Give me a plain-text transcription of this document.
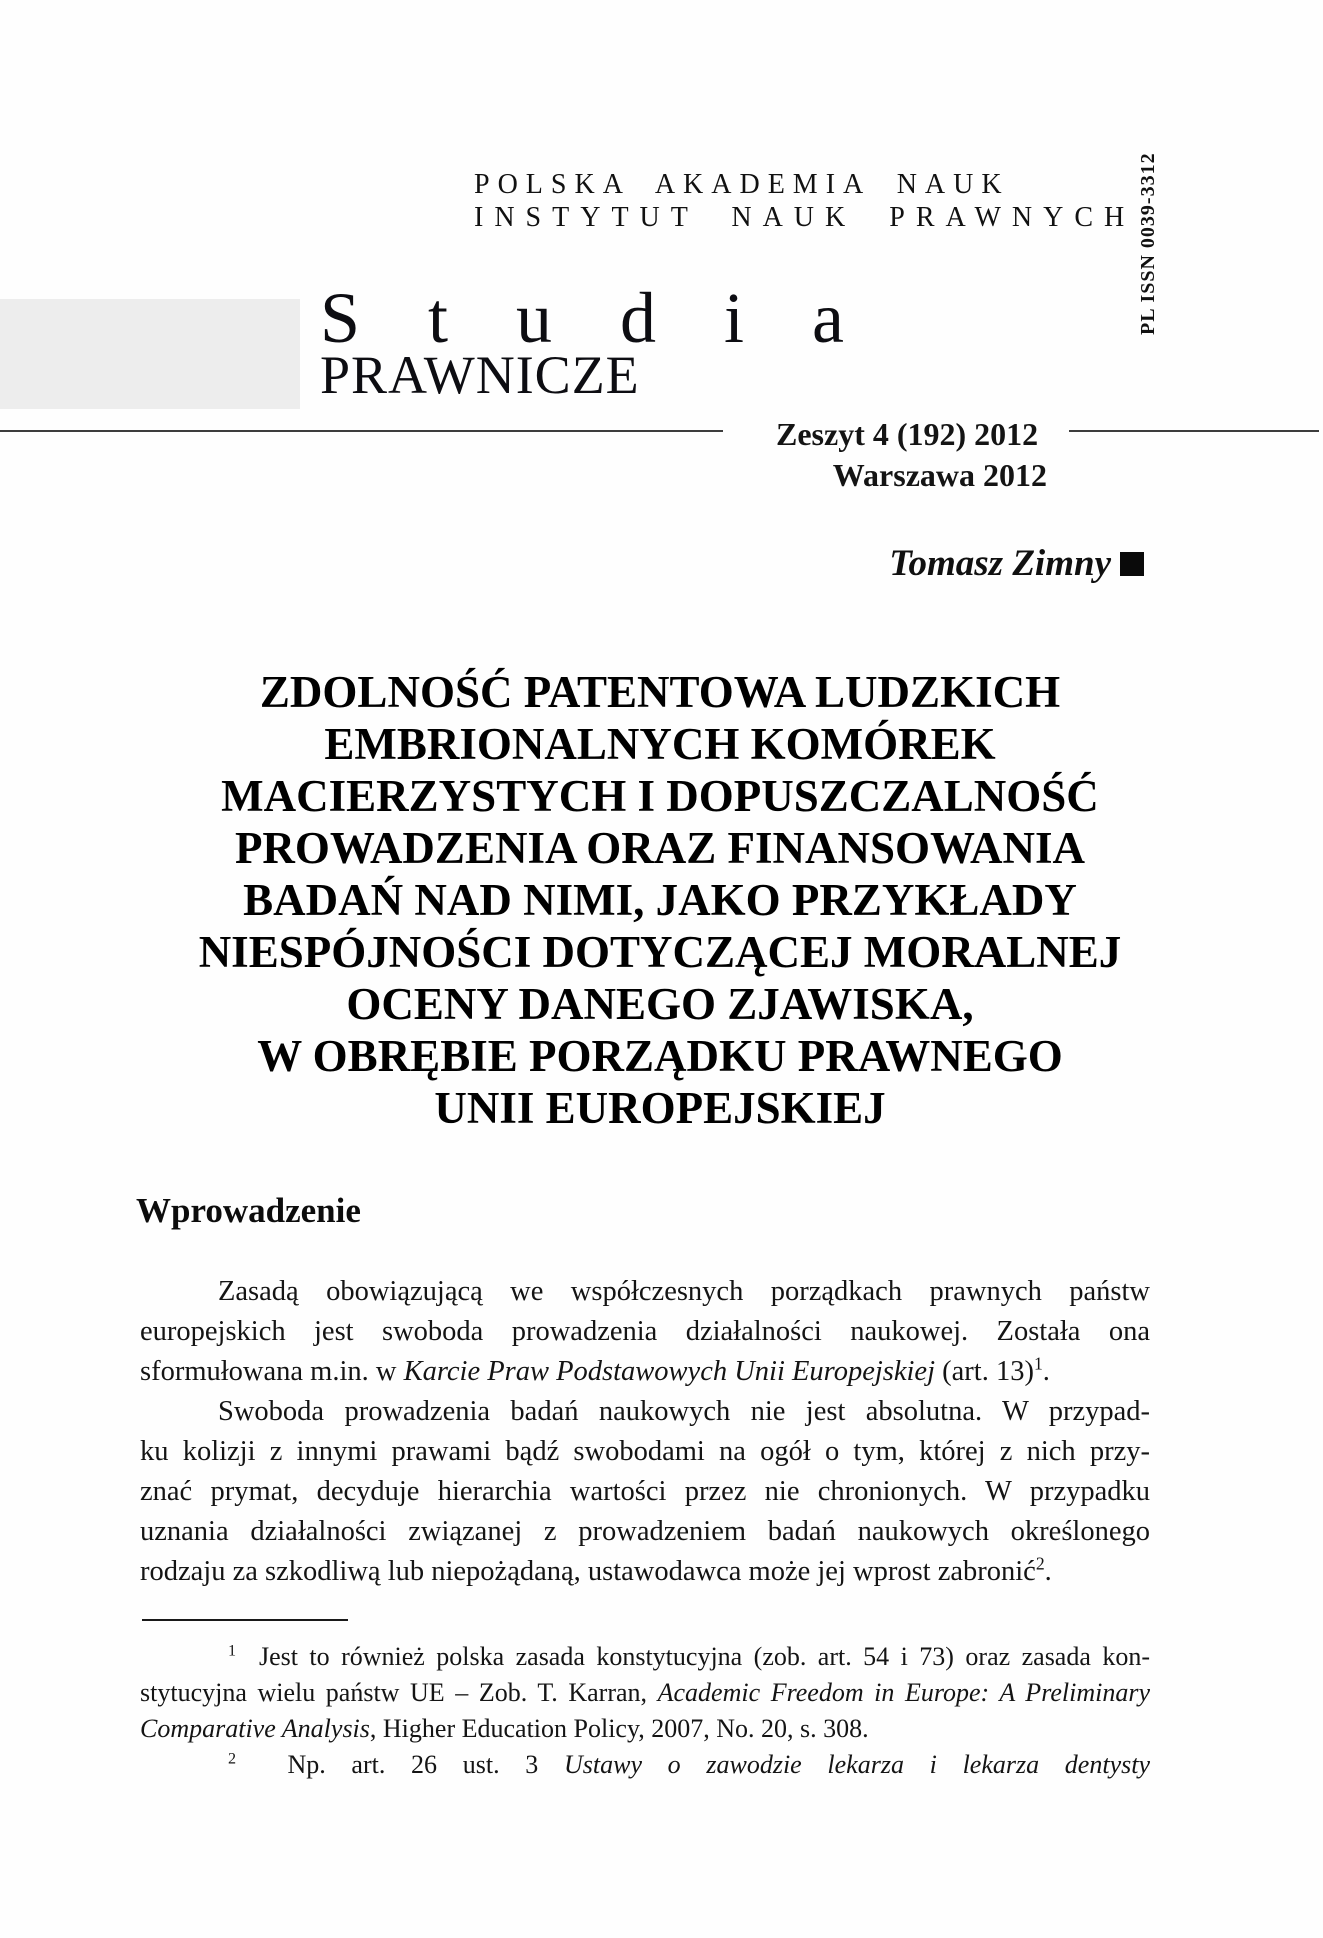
POLSKA AKADEMIA NAUK
INSTYTUT NAUK PRAWNYCH PL ISSN 0039-3312
S t u d i a
PRAWNICZE
Zeszyt 4 (192) 2012
Warszawa 2012
Tomasz Zimny
ZDOLNOŚĆ PATENTOWA LUDZKICH
EMBRIONALNYCH KOMÓREK
MACIERZYSTYCH I DOPUSZCZALNOŚĆ
PROWADZENIA ORAZ FINANSOWANIA
BADAŃ NAD NIMI, JAKO PRZYKŁADY
NIESPÓJNOŚCI DOTYCZĄCEJ MORALNEJ
OCENY DANEGO ZJAWISKA,
W OBRĘBIE PORZĄDKU PRAWNEGO
UNII EUROPEJSKIEJ
Wprowadzenie
Zasadą obowiązującą we współczesnych porządkach prawnych państw
europejskich jest swoboda prowadzenia działalności naukowej. Została ona
sformułowana m.in. w Karcie Praw Podstawowych Unii Europejskiej (art. 13)$^1$.
Swoboda prowadzenia badań naukowych nie jest absolutna. W przypad-
ku kolizji z innymi prawami bądź swobodami na ogół o tym, której z nich przy-
znać prymat, decyduje hierarchia wartości przez nie chronionych. W przypadku
uznania działalności związanej z prowadzeniem badań naukowych określonego
rodzaju za szkodliwą lub niepożądaną, ustawodawca może jej wprost zabronić$^2$.
$^1$  Jest to również polska zasada konstytucyjna (zob. art. 54 i 73) oraz zasada kon-
stytucyjna wielu państw UE – Zob. T. Karran, Academic Freedom in Europe: A Preliminary
Comparative Analysis, Higher Education Policy, 2007, No. 20, s. 308.
$^2$  Np. art. 26 ust. 3 Ustawy o zawodzie lekarza i lekarza dentysty
